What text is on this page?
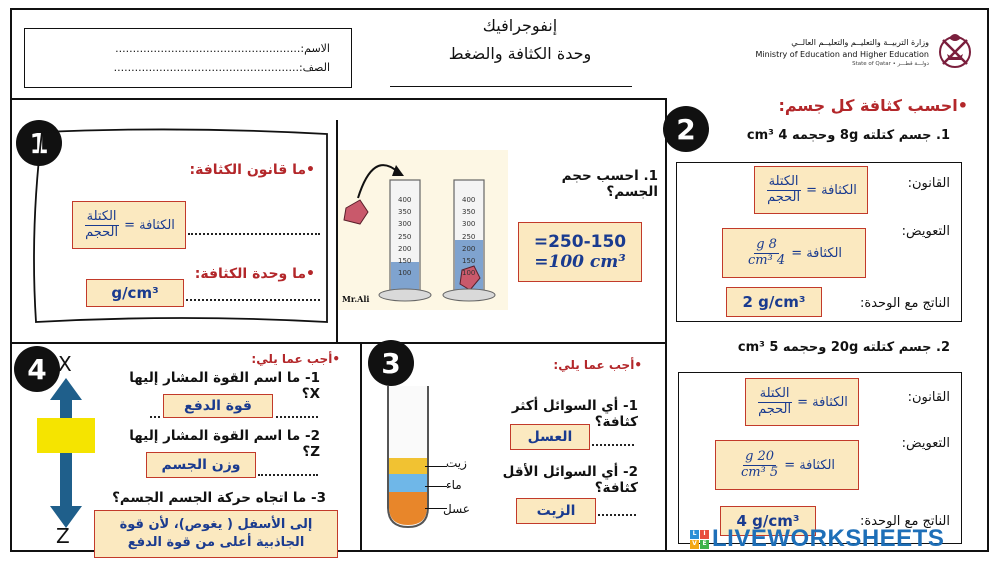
الاسم:.....................................................
الصف:.....................................................
إنفوجرافيك
وحدة الكثافة والضغط
وزارة التربيــة والتعليــم والتعليــم العالــي
Ministry of Education and Higher Education
State of Qatar • دولـــة قطـــر
1
•ما قانون الكثافة:
الكثافة =
$\frac{\text{الكتلة}}{\text{الحجم}}$
•ما وحدة الكثافة:
g/cm³
400
350
300
250
200
150
100
400
350
300
250
200
150
100
Mr.Ali
1. احسب حجم الجسم؟
=250-150
=100 cm³
2
•احسب كثافة كل جسم:
1. جسم كتلته 8g وحجمه 4 cm³
القانون:
الكثافة =
$\frac{\text{الكتلة}}{\text{الحجم}}$
التعويض:
الكثافة =
$\frac{8 g}{\text{4 cm³}}$
الناتج مع الوحدة:
2 g/cm³
2. جسم كتلته 20g وحجمه 5 cm³
القانون:
الكثافة =
$\frac{\text{الكتلة}}{\text{الحجم}}$
التعويض:
الكثافة =
$\frac{20 g}{\text{5 cm³}}$
الناتج مع الوحدة:
4 g/cm³
3
زيت
ماء
عسل
•أجب عما يلي:
1- أي السوائل أكثر كثافة؟
العسل
2- أي السوائل الأقل كثافة؟
الزيت
4 X
Z
•أجب عما يلي:
1- ما اسم القوة المشار إليها X؟
قوة الدفع
2- ما اسم القوة المشار إليها Z؟
وزن الجسم
3- ما اتجاه حركة الجسم الجسم؟
إلى الأسفل ( يغوص)، لأن قوة
الجاذبية أعلى من قوة الدفع
L	I
V E LIVEWORKSHEETS
